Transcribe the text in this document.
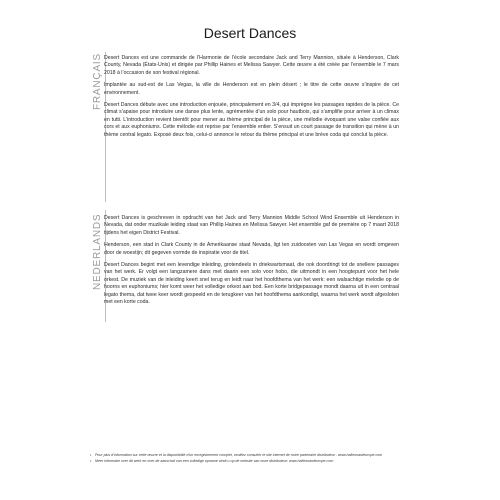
Desert Dances
FRANÇAIS Desert Dances est une commande de l’Harmonie de l’école secondaire Jack and Terry Mannion, située à Henderson, Clark County, Nevada (États-Unis) et dirigée par Phillip Haines et Melissa Sawyer. Cette œuvre a été créée par l’ensemble le 7 mars 2018 à l’occasion de son festival régional.

Implantée au sud-est de Las Vegas, la ville de Henderson est en plein désert ; le titre de cette œuvre s’inspire de cet environnement.

Desert Dances débute avec une introduction enjouée, principalement en 3/4, qui imprègne les passages rapides de la pièce. Ce climat s’apaise pour introduire une danse plus lente, agrémentée d’un solo pour hautbois, qui s’amplifie pour arriver à un climax en tutti. L’introduction revient bientôt pour mener au thème principal de la pièce, une mélodie évoquant une valse confiée aux cors et aux euphoniums. Cette mélodie est reprise par l’ensemble entier. S’ensuit un court passage de transition qui mène à un thème central legato. Exposé deux fois, celui-ci annonce le retour du thème principal et une brève coda qui conclut la pièce.

NEDERLANDS Desert Dances is geschreven in opdracht van het Jack and Terry Mannion Middle School Wind Ensemble uit Henderson in Nevada, dat onder muzikale leiding staat van Phillip Haines en Melissa Sawyer. Het ensemble gaf de première op 7 maart 2018 tijdens het eigen District Festival.

Henderson, een stad in Clark County in de Amerikaanse staat Nevada, ligt ten zuidoosten van Las Vegas en wordt omgeven door de woestijn; dit gegeven vormde de inspiratie voor de titel.

Desert Dances begint met een levendige inleiding, grotendeels in driekwartsmaat, die ook doordringt tot de snellere passages van het werk. Er volgt een langzamere dans met daarin een solo voor hobo, die uitmondt in een hoogtepunt voor het hele orkest. De muziek van de inleiding keert snel terug en leidt naar het hoofdthema van het werk: een walsachtige melodie op de hoorns en euphoniums; hier komt weer het volledige orkest aan bod. Een korte bridgepassage mondt daarna uit in een centraal legato thema, dat twee keer wordt gespeeld en de terugkeer van het hoofdthema aankondigt, waarna het werk wordt afgesloten met een korte coda.

• Pour plus d’information sur cette œuvre et la disponibilité d’un enregistrement complet, veuillez consulter le site internet de notre partenaire distributeur : www.halleonardeurope.com
• Meer informatie over dit werk en over de aanschaf van een volledige opname vindt u op de website van onze distributeur: www.halleonardeurope.com
